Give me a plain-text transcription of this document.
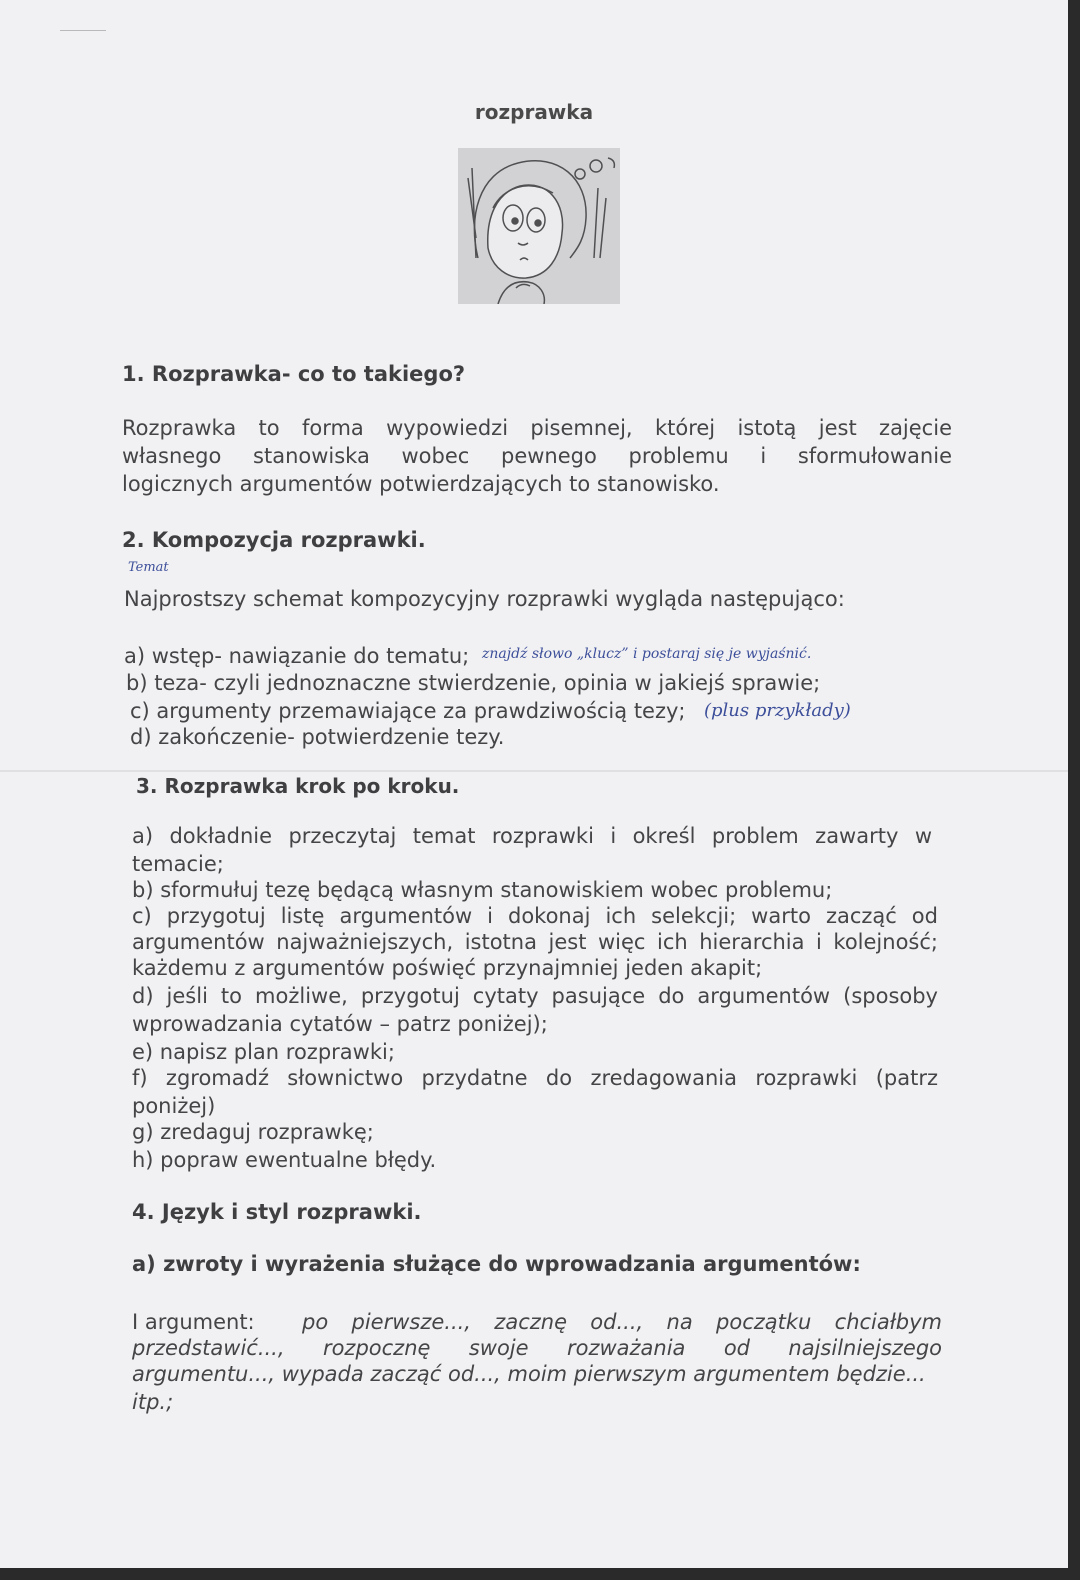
rozprawka
1. Rozprawka- co to takiego?
Rozprawka to forma wypowiedzi pisemnej, której istotą jest zajęcie
własnego stanowiska wobec pewnego problemu i sformułowanie
logicznych argumentów potwierdzających to stanowisko.
2. Kompozycja rozprawki.
Temat
Najprostszy schemat kompozycyjny rozprawki wygląda następująco:
a) wstęp- nawiązanie do tematu; znajdź słowo „klucz” i postaraj się je wyjaśnić.
b) teza- czyli jednoznaczne stwierdzenie, opinia w jakiejś sprawie;
c) argumenty przemawiające za prawdziwością tezy; (plus przykłady)
d) zakończenie- potwierdzenie tezy.
3. Rozprawka krok po kroku.
a) dokładnie przeczytaj temat rozprawki i określ problem zawarty w
temacie;
b) sformułuj tezę będącą własnym stanowiskiem wobec problemu;
c) przygotuj listę argumentów i dokonaj ich selekcji; warto zacząć od
argumentów najważniejszych, istotna jest więc ich hierarchia i kolejność;
każdemu z argumentów poświęć przynajmniej jeden akapit;
d) jeśli to możliwe, przygotuj cytaty pasujące do argumentów (sposoby
wprowadzania cytatów – patrz poniżej);
e) napisz plan rozprawki;
f) zgromadź słownictwo przydatne do zredagowania rozprawki (patrz
poniżej)
g) zredaguj rozprawkę;
h) popraw ewentualne błędy.
4. Język i styl rozprawki.
a) zwroty i wyrażenia służące do wprowadzania argumentów:
I argument: po pierwsze..., zacznę od..., na początku chciałbym
przedstawić..., rozpocznę swoje rozważania od najsilniejszego
argumentu..., wypada zacząć od..., moim pierwszym argumentem będzie...
itp.;
